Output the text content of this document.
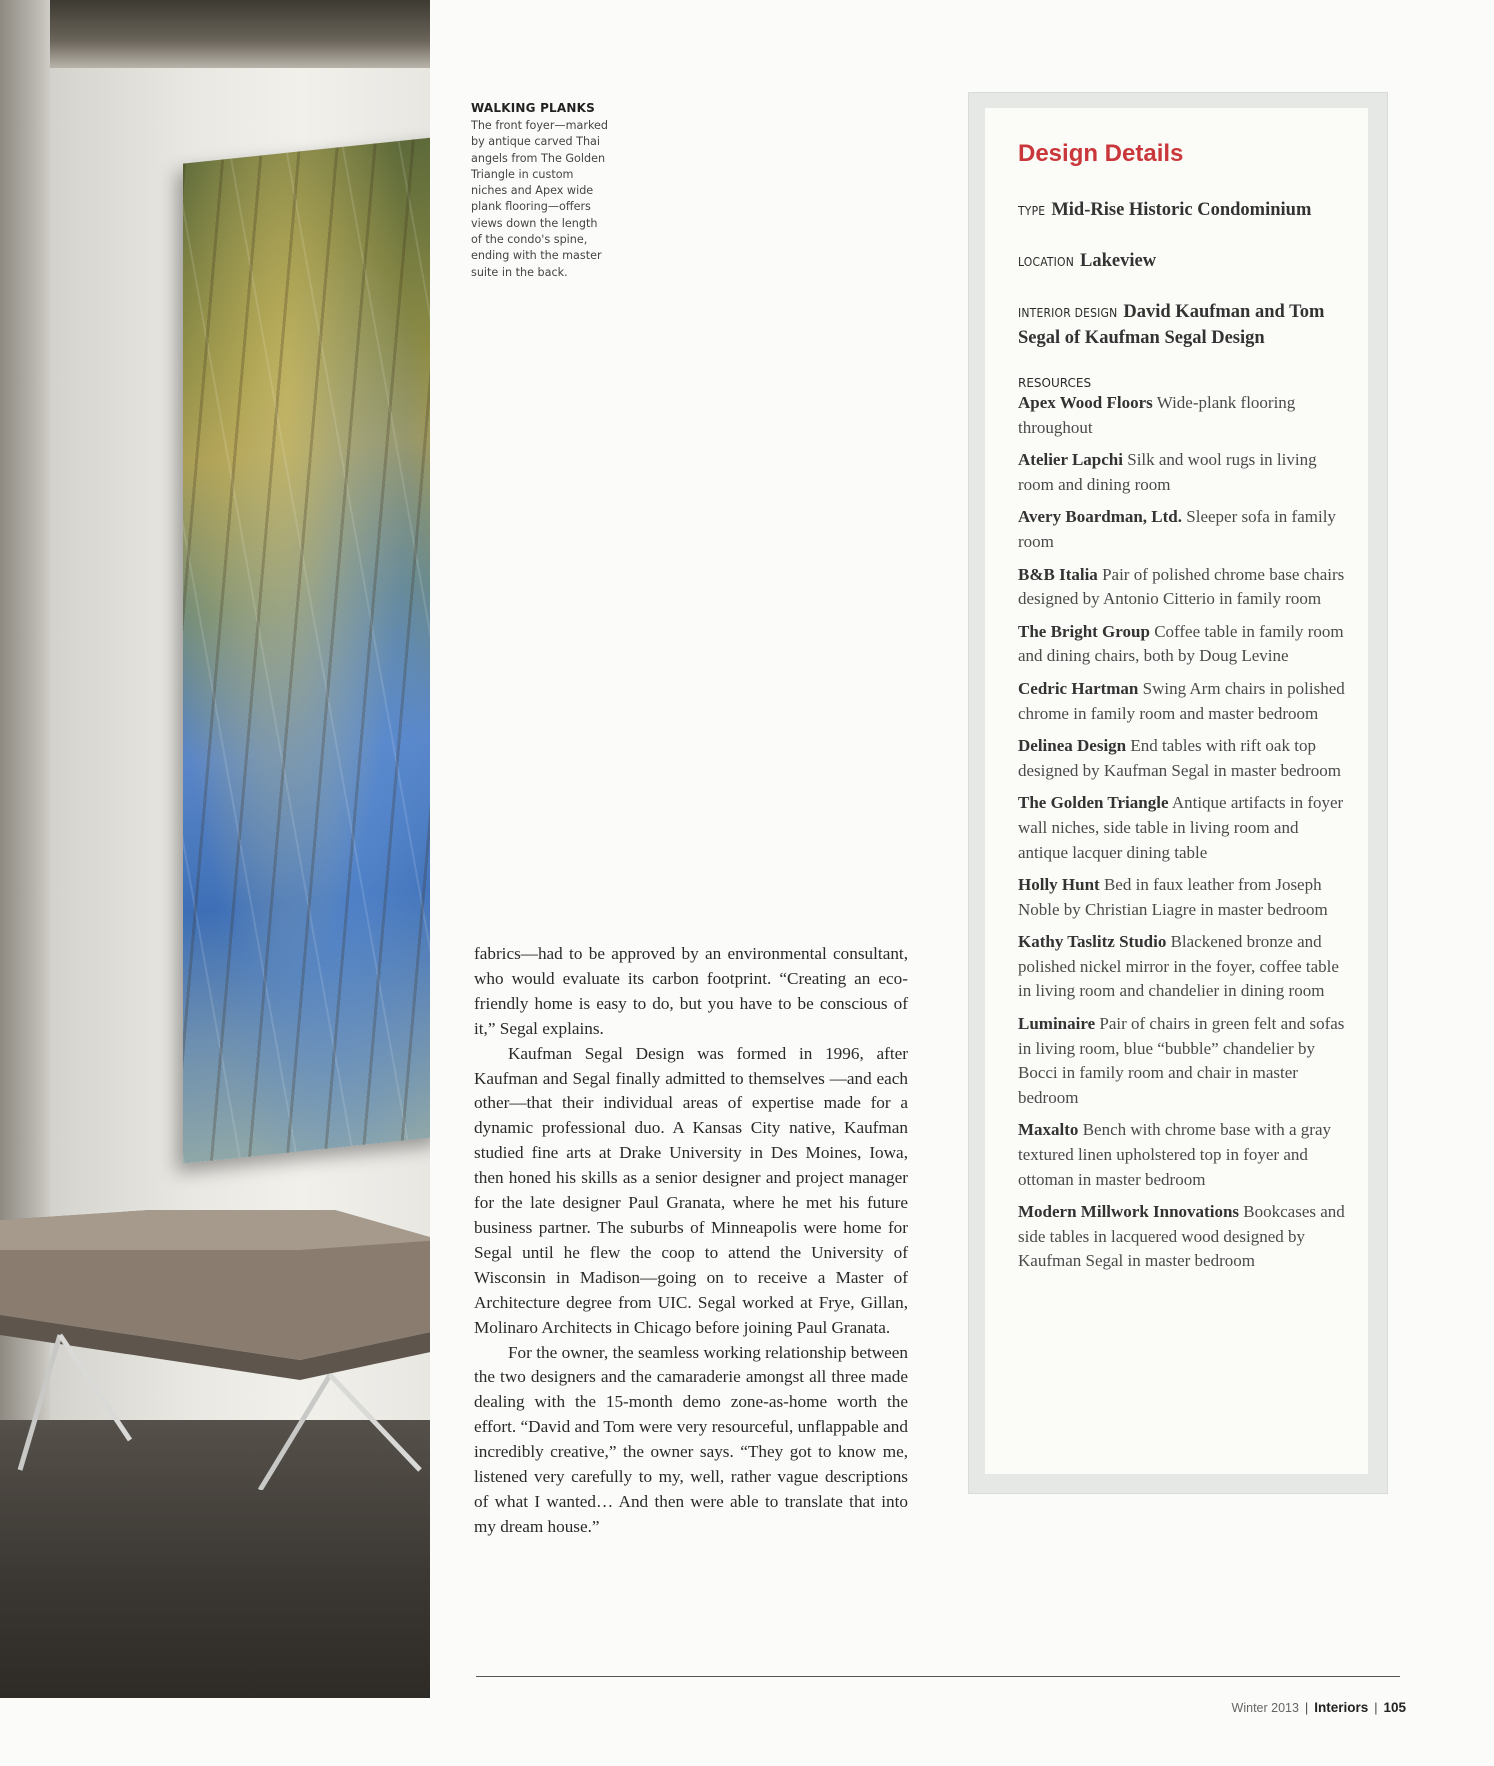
WALKING PLANKS
The front foyer—marked by antique carved Thai angels from The Golden Triangle in custom niches and Apex wide plank flooring—offers views down the length of the condo's spine, ending with the master suite in the back.

fabrics—had to be approved by an environmental consultant, who would evaluate its carbon footprint. “Creating an eco-friendly home is easy to do, but you have to be conscious of it,” Segal explains.

Kaufman Segal Design was formed in 1996, after Kaufman and Segal finally admitted to themselves —and each other—that their individual areas of expertise made for a dynamic professional duo. A Kansas City native, Kaufman studied fine arts at Drake University in Des Moines, Iowa, then honed his skills as a senior designer and project manager for the late designer Paul Granata, where he met his future business partner. The suburbs of Minneapolis were home for Segal until he flew the coop to attend the University of Wisconsin in Madison—going on to receive a Master of Architecture degree from UIC. Segal worked at Frye, Gillan, Molinaro Architects in Chicago before joining Paul Granata.

For the owner, the seamless working relationship between the two designers and the camaraderie amongst all three made dealing with the 15-month demo zone-as-home worth the effort. “David and Tom were very resourceful, unflappable and incredibly creative,” the owner says. “They got to know me, listened very carefully to my, well, rather vague descriptions of what I wanted… And then were able to translate that into my dream house.”

Design Details
TYPE Mid-Rise Historic Condominium
LOCATION Lakeview
INTERIOR DESIGN David Kaufman and Tom Segal of Kaufman Segal Design
RESOURCES
Apex Wood Floors Wide-plank flooring throughout
Atelier Lapchi Silk and wool rugs in living room and dining room
Avery Boardman, Ltd. Sleeper sofa in family room
B&B Italia Pair of polished chrome base chairs designed by Antonio Citterio in family room
The Bright Group Coffee table in family room and dining chairs, both by Doug Levine
Cedric Hartman Swing Arm chairs in polished chrome in family room and master bedroom
Delinea Design End tables with rift oak top designed by Kaufman Segal in master bedroom
The Golden Triangle Antique artifacts in foyer wall niches, side table in living room and antique lacquer dining table
Holly Hunt Bed in faux leather from Joseph Noble by Christian Liagre in master bedroom
Kathy Taslitz Studio Blackened bronze and polished nickel mirror in the foyer, coffee table in living room and chandelier in dining room
Luminaire Pair of chairs in green felt and sofas in living room, blue “bubble” chandelier by Bocci in family room and chair in master bedroom
Maxalto Bench with chrome base with a gray textured linen upholstered top in foyer and ottoman in master bedroom
Modern Millwork Innovations Bookcases and side tables in lacquered wood designed by Kaufman Segal in master bedroom
Winter 2013 | Interiors | 105
